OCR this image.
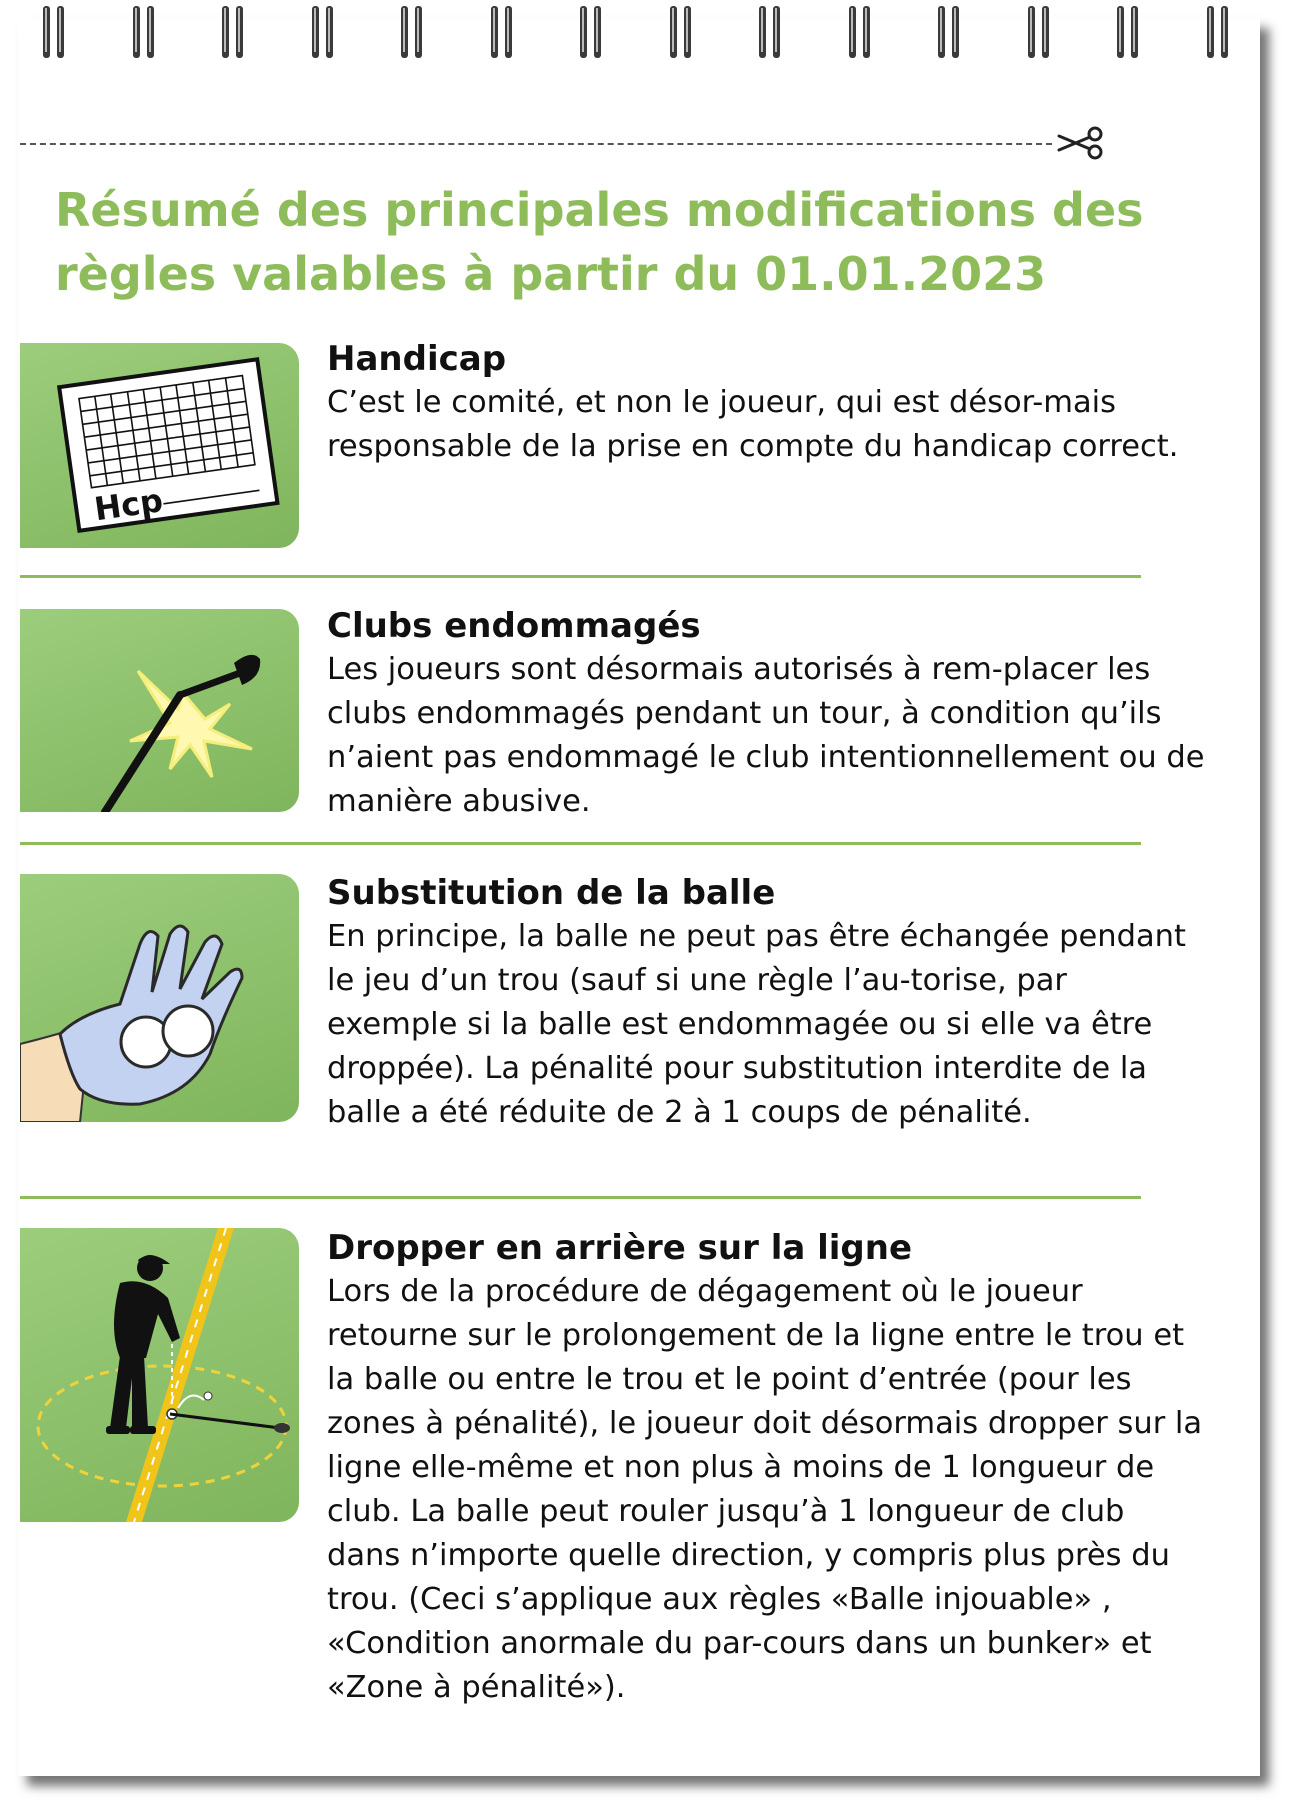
Résumé des principales modifications des règles valables à partir du 01.01.2023
Hcp
Handicap

C’est le comité, et non le joueur, qui est désor-mais responsable de la prise en compte du handicap correct.

Clubs endommagés

Les joueurs sont désormais autorisés à rem-placer les clubs endommagés pendant un tour, à condition qu’ils n’aient pas endommagé le club intentionnellement ou de manière abusive.

Substitution de la balle

En principe, la balle ne peut pas être échangée pendant le jeu d’un trou (sauf si une règle l’au-torise, par exemple si la balle est endommagée ou si elle va être droppée). La pénalité pour substitution interdite de la balle a été réduite de 2 à 1 coups de pénalité.

Dropper en arrière sur la ligne

Lors de la procédure de dégagement où le joueur retourne sur le prolongement de la ligne entre le trou et la balle ou entre le trou et le point d’entrée (pour les zones à pénalité), le joueur doit désormais dropper sur la ligne elle-même et non plus à moins de 1 longueur de club. La balle peut rouler jusqu’à 1 longueur de club dans n’importe quelle direction, y compris plus près du trou. (Ceci s’applique aux règles «Balle injouable» , «Condition anormale du par-cours dans un bunker» et «Zone à pénalité»).
